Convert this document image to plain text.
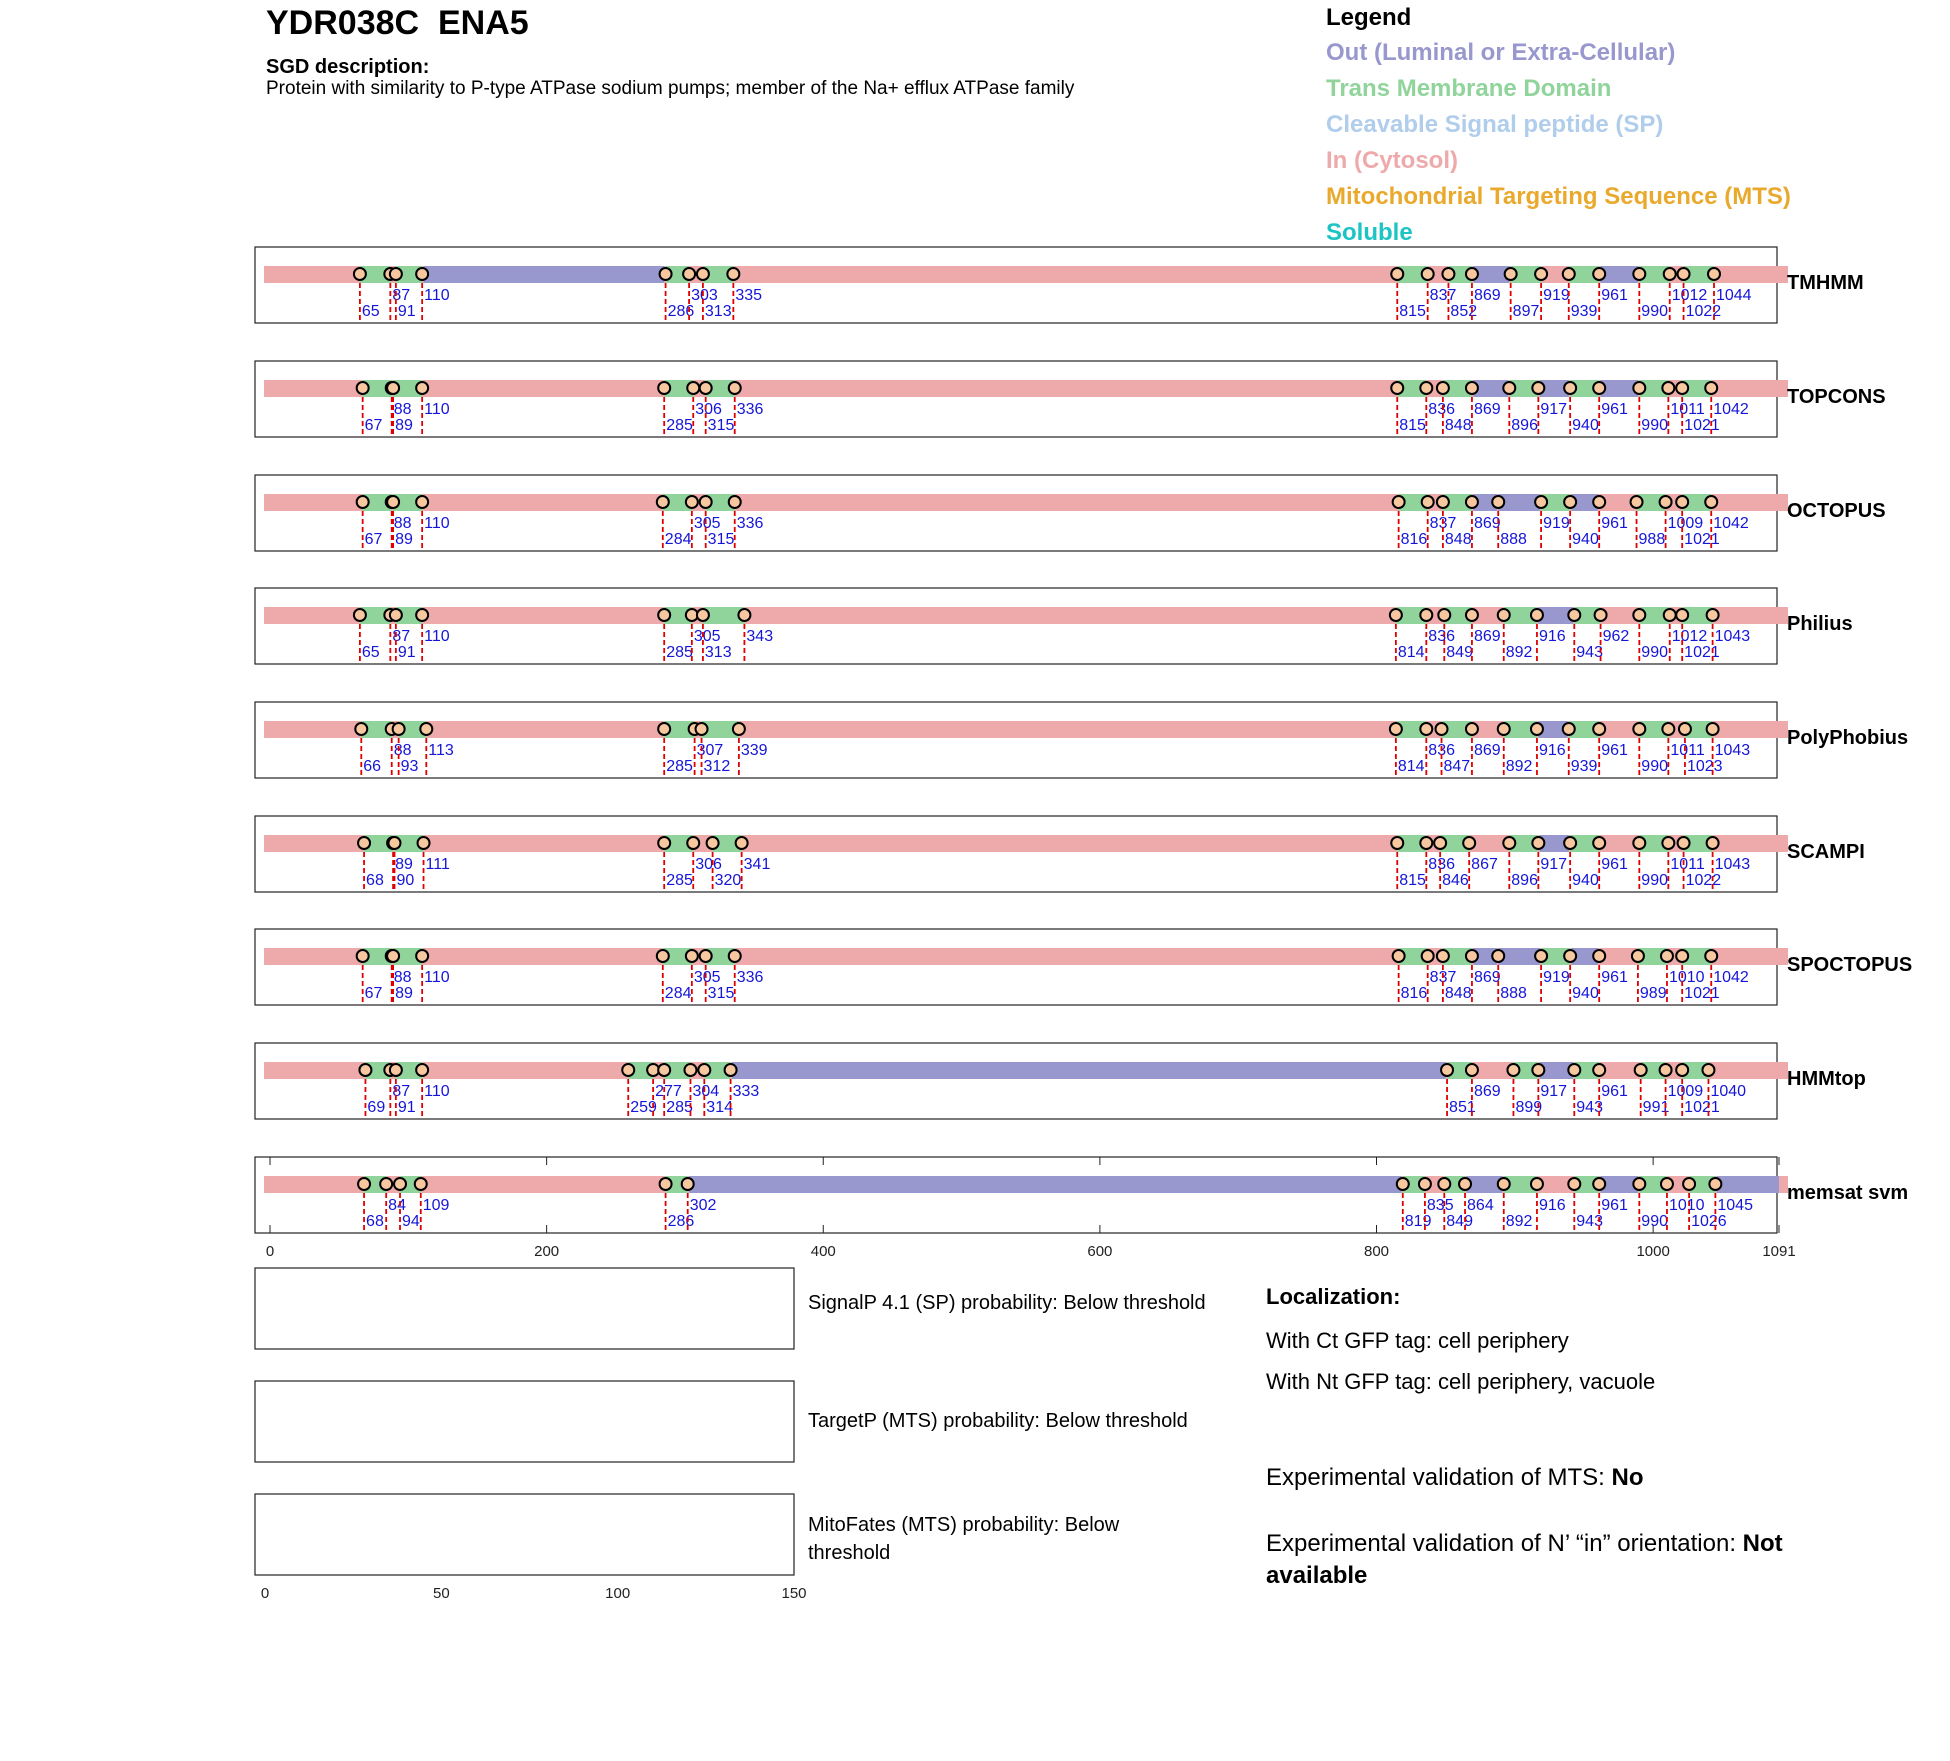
65
87
91
110
286
303
313
335
815
837
852
869
897
919
939
961
990
1012
1022
1044
TMHMM
67
88
89
110
285
306
315
336
815
836
848
869
896
917
940
961
990
1011
1021
1042
TOPCONS
67
88
89
110
284
305
315
336
816
837
848
869
888
919
940
961
988
1009
1021
1042
OCTOPUS
65
87
91
110
285
305
313
343
814
836
849
869
892
916
943
962
990
1012
1021
1043
Philius
66
88
93
113
285
307
312
339
814
836
847
869
892
916
939
961
990
1011
1023
1043
PolyPhobius
68
89
90
111
285
306
320
341
815
836
846
867
896
917
940
961
990
1011
1022
1043
SCAMPI
67
88
89
110
284
305
315
336
816
837
848
869
888
919
940
961
989
1010
1021
1042
SPOCTOPUS
69
87
91
110
259
277
285
304
314
333
851
869
899
917
943
961
991
1009
1021
1040
HMMtop
68
84
94
109
286
302
819
835
849
864
892
916
943
961
990
1010
1026
1045
memsat svm
0	200	400	600	800	1000	1091
0	50	100	150
YDR038C ENA5
SGD description:
Protein with similarity to P-type ATPase sodium pumps; member of the Na+ efflux ATPase family
Legend
Out (Luminal or Extra-Cellular)
Trans Membrane Domain
Cleavable Signal peptide (SP)
In (Cytosol)
Mitochondrial Targeting Sequence (MTS)
Soluble
SignalP 4.1 (SP) probability: Below threshold
TargetP (MTS) probability: Below threshold
MitoFates (MTS) probability: Below threshold
Localization:
With Ct GFP tag: cell periphery
With Nt GFP tag: cell periphery, vacuole
Experimental validation of MTS: No
Experimental validation of N’ “in” orientation: Not available
